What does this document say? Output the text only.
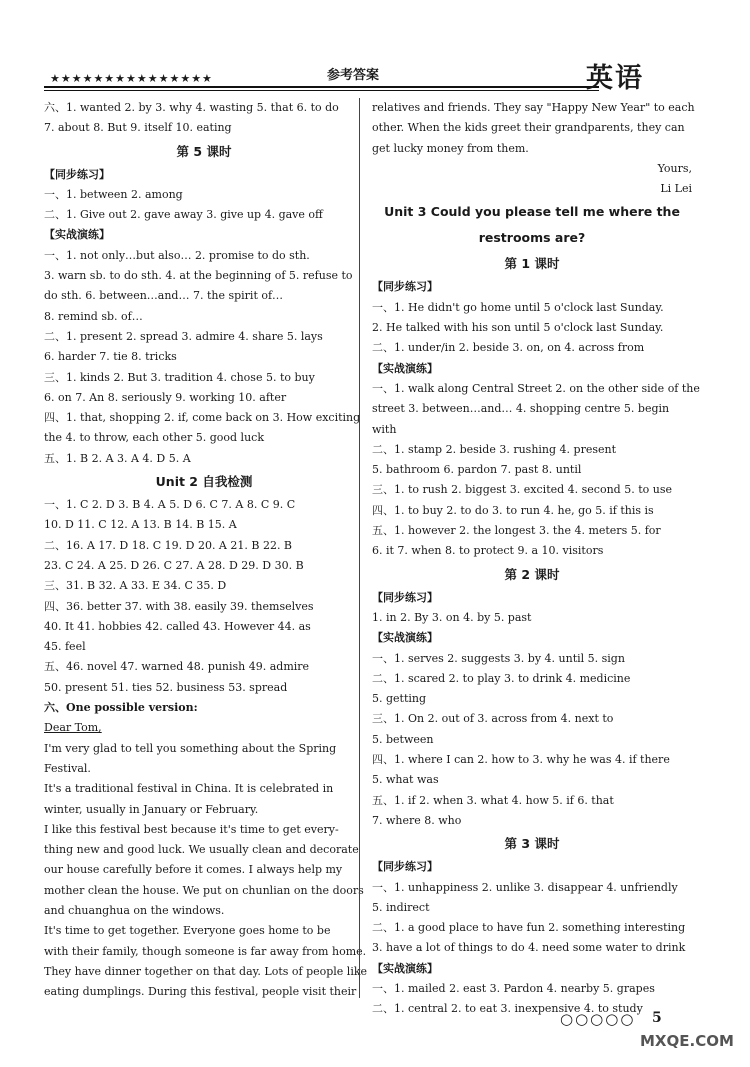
★★★★★★★★★★★★★★★	参考答案	英语
六、1. wanted 2. by 3. why 4. wasting 5. that 6. to do
7. about 8. But 9. itself 10. eating
第 5 课时
【同步练习】
一、1. between 2. among
二、1. Give out 2. gave away 3. give up 4. gave off
【实战演练】
一、1. not only…but also… 2. promise to do sth.
3. warn sb. to do sth. 4. at the beginning of 5. refuse to
do sth. 6. between…and… 7. the spirit of…
8. remind sb. of…
二、1. present 2. spread 3. admire 4. share 5. lays
6. harder 7. tie 8. tricks
三、1. kinds 2. But 3. tradition 4. chose 5. to buy
6. on 7. An 8. seriously 9. working 10. after
四、1. that, shopping 2. if, come back on 3. How exciting
the 4. to throw, each other 5. good luck
五、1. B 2. A 3. A 4. D 5. A
Unit 2 自我检测
一、1. C 2. D 3. B 4. A 5. D 6. C 7. A 8. C 9. C
10. D 11. C 12. A 13. B 14. B 15. A
二、16. A 17. D 18. C 19. D 20. A 21. B 22. B
23. C 24. A 25. D 26. C 27. A 28. D 29. D 30. B
三、31. B 32. A 33. E 34. C 35. D
四、36. better 37. with 38. easily 39. themselves
40. It 41. hobbies 42. called 43. However 44. as
45. feel
五、46. novel 47. warned 48. punish 49. admire
50. present 51. ties 52. business 53. spread
六、One possible version:
Dear Tom,
I'm very glad to tell you something about the Spring
Festival.
It's a traditional festival in China. It is celebrated in
winter, usually in January or February.
I like this festival best because it's time to get every-
thing new and good luck. We usually clean and decorate
our house carefully before it comes. I always help my
mother clean the house. We put on chunlian on the doors
and chuanghua on the windows.
It's time to get together. Everyone goes home to be
with their family, though someone is far away from home.
They have dinner together on that day. Lots of people like
eating dumplings. During this festival, people visit their
relatives and friends. They say "Happy New Year" to each
other. When the kids greet their grandparents, they can
get lucky money from them.
Yours,
Li Lei
Unit 3 Could you please tell me where the restrooms are?
第 1 课时
【同步练习】
一、1. He didn't go home until 5 o'clock last Sunday.
2. He talked with his son until 5 o'clock last Sunday.
二、1. under/in 2. beside 3. on, on 4. across from
【实战演练】
一、1. walk along Central Street 2. on the other side of the
street 3. between…and… 4. shopping centre 5. begin
with
二、1. stamp 2. beside 3. rushing 4. present
5. bathroom 6. pardon 7. past 8. until
三、1. to rush 2. biggest 3. excited 4. second 5. to use
四、1. to buy 2. to do 3. to run 4. he, go 5. if this is
五、1. however 2. the longest 3. the 4. meters 5. for
6. it 7. when 8. to protect 9. a 10. visitors
第 2 课时
【同步练习】
1. in 2. By 3. on 4. by 5. past
【实战演练】
一、1. serves 2. suggests 3. by 4. until 5. sign
二、1. scared 2. to play 3. to drink 4. medicine
5. getting
三、1. On 2. out of 3. across from 4. next to
5. between
四、1. where I can 2. how to 3. why he was 4. if there
5. what was
五、1. if 2. when 3. what 4. how 5. if 6. that
7. where 8. who
第 3 课时
【同步练习】
一、1. unhappiness 2. unlike 3. disappear 4. unfriendly
5. indirect
二、1. a good place to have fun 2. something interesting
3. have a lot of things to do 4. need some water to drink
【实战演练】
一、1. mailed 2. east 3. Pardon 4. nearby 5. grapes
二、1. central 2. to eat 3. inexpensive 4. to study
○○○○○ 5
MXQE.COM
